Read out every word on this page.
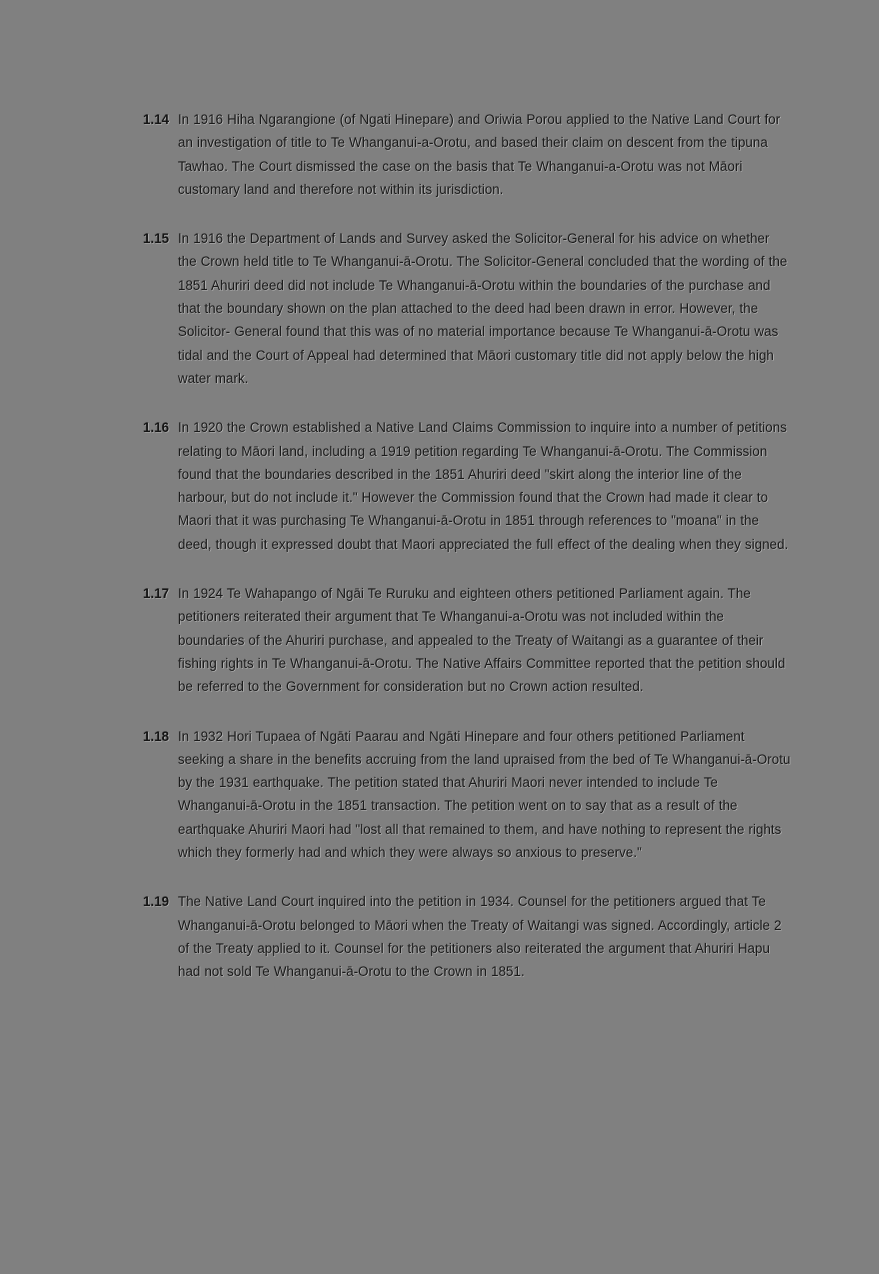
1.14 In 1916 Hiha Ngarangione (of Ngati Hinepare) and Oriwia Porou applied to the Native Land Court for an investigation of title to Te Whanganui-a-Orotu, and based their claim on descent from the tipuna Tawhao. The Court dismissed the case on the basis that Te Whanganui-a-Orotu was not Māori customary land and therefore not within its jurisdiction.

1.15 In 1916 the Department of Lands and Survey asked the Solicitor-General for his advice on whether the Crown held title to Te Whanganui-ā-Orotu. The Solicitor-General concluded that the wording of the 1851 Ahuriri deed did not include Te Whanganui-ā-Orotu within the boundaries of the purchase and that the boundary shown on the plan attached to the deed had been drawn in error. However, the Solicitor- General found that this was of no material importance because Te Whanganui-ā-Orotu was tidal and the Court of Appeal had determined that Māori customary title did not apply below the high water mark.

1.16 In 1920 the Crown established a Native Land Claims Commission to inquire into a number of petitions relating to Māori land, including a 1919 petition regarding Te Whanganui-ā-Orotu. The Commission found that the boundaries described in the 1851 Ahuriri deed "skirt along the interior line of the harbour, but do not include it." However the Commission found that the Crown had made it clear to Maori that it was purchasing Te Whanganui-ā-Orotu in 1851 through references to "moana" in the deed, though it expressed doubt that Maori appreciated the full effect of the dealing when they signed.

1.17 In 1924 Te Wahapango of Ngāi Te Ruruku and eighteen others petitioned Parliament again. The petitioners reiterated their argument that Te Whanganui-a-Orotu was not included within the boundaries of the Ahuriri purchase, and appealed to the Treaty of Waitangi as a guarantee of their fishing rights in Te Whanganui-ā-Orotu. The Native Affairs Committee reported that the petition should be referred to the Government for consideration but no Crown action resulted.

1.18 In 1932 Hori Tupaea of Ngāti Paarau and Ngāti Hinepare and four others petitioned Parliament seeking a share in the benefits accruing from the land upraised from the bed of Te Whanganui-ā-Orotu by the 1931 earthquake. The petition stated that Ahuriri Maori never intended to include Te Whanganui-ā-Orotu in the 1851 transaction. The petition went on to say that as a result of the earthquake Ahuriri Maori had "lost all that remained to them, and have nothing to represent the rights which they formerly had and which they were always so anxious to preserve."

1.19 The Native Land Court inquired into the petition in 1934. Counsel for the petitioners argued that Te Whanganui-ā-Orotu belonged to Māori when the Treaty of Waitangi was signed. Accordingly, article 2 of the Treaty applied to it. Counsel for the petitioners also reiterated the argument that Ahuriri Hapu had not sold Te Whanganui-ā-Orotu to the Crown in 1851.
